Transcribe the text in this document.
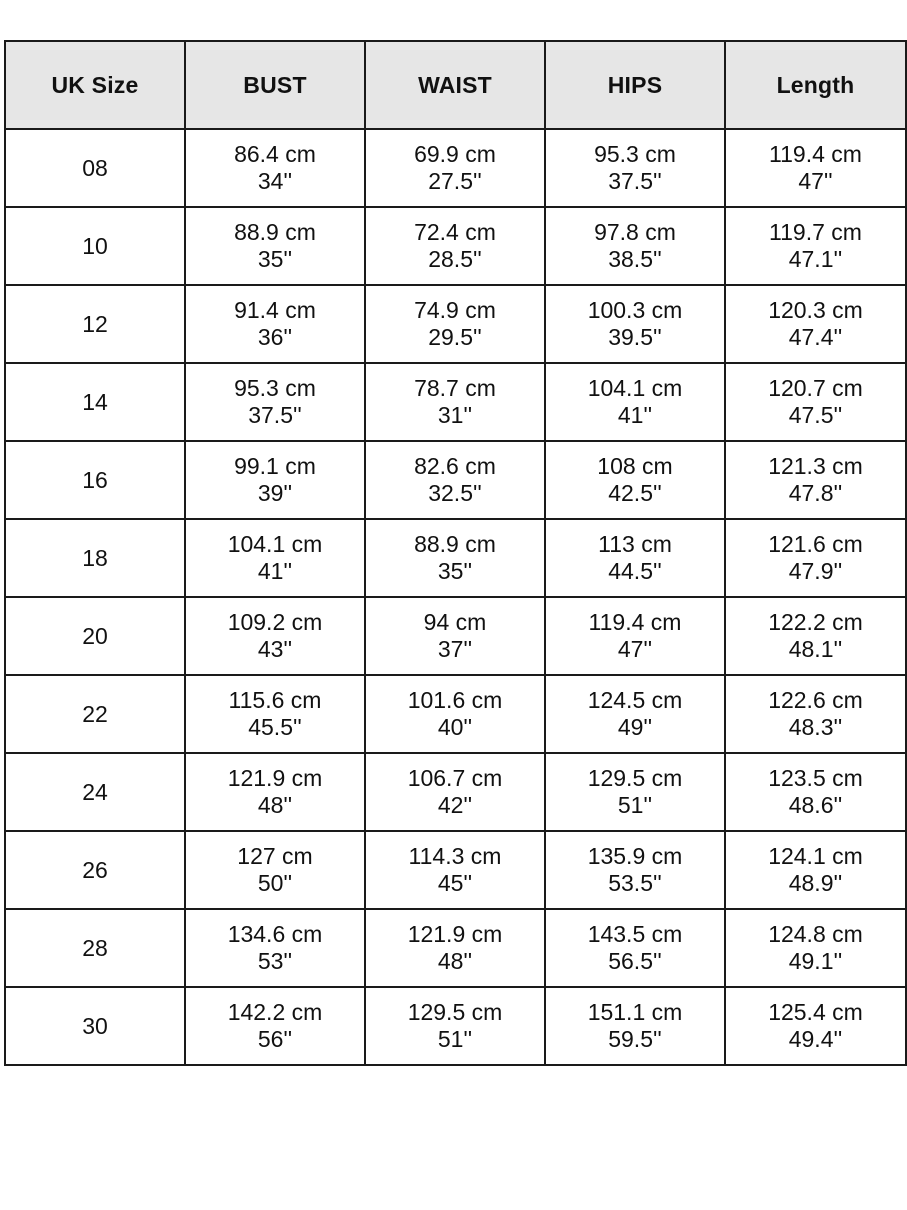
UK Size	BUST	WAIST	HIPS	Length
08	86.4 cm
34''	69.9 cm
27.5''	95.3 cm
37.5''	119.4 cm
47''

10	88.9 cm
35''	72.4 cm
28.5''	97.8 cm
38.5''	119.7 cm
47.1''

12	91.4 cm
36''	74.9 cm
29.5''	100.3 cm
39.5''	120.3 cm
47.4''

14	95.3 cm
37.5''	78.7 cm
31''	104.1 cm
41''	120.7 cm
47.5''

16	99.1 cm
39''	82.6 cm
32.5''	108 cm
42.5''	121.3 cm
47.8''

18	104.1 cm
41''	88.9 cm
35''	113 cm
44.5''	121.6 cm
47.9''

20	109.2 cm
43''	94 cm
37''	119.4 cm
47''	122.2 cm
48.1''

22	115.6 cm
45.5''	101.6 cm
40''	124.5 cm
49''	122.6 cm
48.3''

24	121.9 cm
48''	106.7 cm
42''	129.5 cm
51''	123.5 cm
48.6''

26	127 cm
50''	114.3 cm
45''	135.9 cm
53.5''	124.1 cm
48.9''

28	134.6 cm
53''	121.9 cm
48''	143.5 cm
56.5''	124.8 cm
49.1''

30	142.2 cm
56''	129.5 cm
51''	151.1 cm
59.5''	125.4 cm
49.4''
